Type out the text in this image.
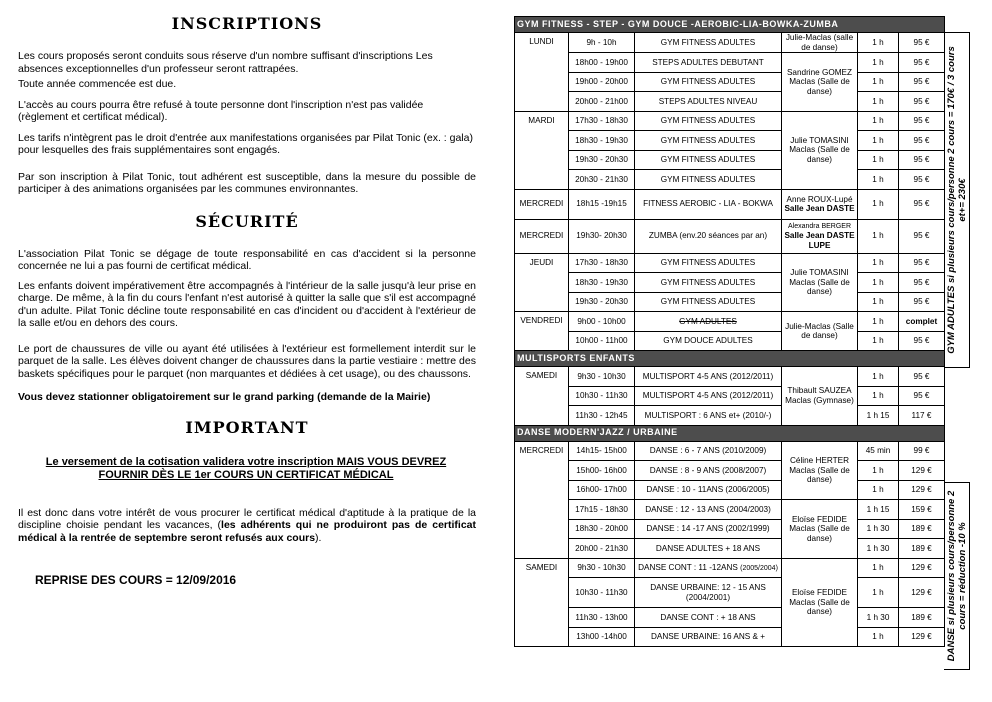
INSCRIPTIONS

Les cours proposés seront conduits sous réserve d'un nombre suffisant d'inscriptions Les absences exceptionnelles d'un professeur seront rattrapées.

Toute année commencée est due.

L'accès au cours pourra être refusé à toute personne dont l'inscription n'est pas validée (règlement et certificat médical).

Les tarifs n'intègrent pas le droit d'entrée aux manifestations organisées par Pilat Tonic (ex. : gala) pour lesquelles des frais supplémentaires sont engagés.

Par son inscription à Pilat Tonic, tout adhérent est susceptible, dans la mesure du possible de participer à des animations organisées par les communes environnantes.

SÉCURITÉ

L'association Pilat Tonic se dégage de toute responsabilité en cas d'accident si la personne concernée ne lui a pas fourni de certificat médical.

Les enfants doivent impérativement être accompagnés à l'intérieur de la salle jusqu'à leur prise en charge. De même, à la fin du cours l'enfant n'est autorisé à quitter la salle que s'il est accompagné d'un adulte. Pilat Tonic décline toute responsabilité en cas d'incident ou d'accident à l'extérieur de la salle et/ou en dehors des cours.

Le port de chaussures de ville ou ayant été utilisées à l'extérieur est formellement interdit sur le parquet de la salle. Les élèves doivent changer de chaussures dans la partie vestiaire : mettre des baskets spécifiques pour le parquet (non marquantes et dédiées à cet usage), ou des chaussons.

Vous devez stationner obligatoirement sur le grand parking (demande de la Mairie)

IMPORTANT

Le versement de la cotisation validera votre inscription MAIS VOUS DEVREZ FOURNIR DÈS LE 1er COURS UN CERTIFICAT MÉDICAL

Il est donc dans votre intérêt de vous procurer le certificat médical d'aptitude à la pratique de la discipline choisie pendant les vacances, (les adhérents qui ne produiront pas de certificat médical à la rentrée de septembre seront refusés aux cours).

REPRISE DES COURS = 12/09/2016

GYM ADULTES si plusieurs cours/personne 2 cours = 170€ / 3 cours et+= 230€
DANSE si plusieurs cours/personne 2 cours = réduction -10 %
GYM FITNESS - STEP - GYM DOUCE -AEROBIC-LIA-BOWKA-ZUMBA					
LUNDI	9h - 10h	GYM FITNESS ADULTES	Julie-Maclas (salle de danse)	1 h	95 €
	18h00 - 19h00	STEPS ADULTES DEBUTANT	Sandrine GOMEZ Maclas (Salle de danse)	1 h	95 €
	19h00 - 20h00	GYM FITNESS ADULTES		1 h	95 €
	20h00 - 21h00	STEPS ADULTES NIVEAU		1 h	95 €
MARDI	17h30 - 18h30	GYM FITNESS ADULTES	Julie TOMASINI Maclas (Salle de danse)	1 h	95 €
	18h30 - 19h30	GYM FITNESS ADULTES		1 h	95 €
	19h30 - 20h30	GYM FITNESS ADULTES		1 h	95 €
	20h30 - 21h30	GYM FITNESS ADULTES		1 h	95 €
MERCREDI	18h15 -19h15	FITNESS AEROBIC - LIA - BOKWA	Anne ROUX-Lupé
Salle Jean DASTE	1 h	95 €
MERCREDI	19h30- 20h30	ZUMBA (env.20 séances par an)	Alexandra BERGER
Salle Jean DASTE LUPE	1 h	95 €
JEUDI	17h30 - 18h30	GYM FITNESS ADULTES	Julie TOMASINI Maclas (Salle de danse)	1 h	95 €
	18h30 - 19h30	GYM FITNESS ADULTES		1 h	95 €
	19h30 - 20h30	GYM FITNESS ADULTES		1 h	95 €
VENDREDI	9h00 - 10h00	GYM ADULTES	Julie-Maclas (Salle de danse)	1 h	complet
	10h00 - 11h00	GYM DOUCE ADULTES		1 h	95 €
MULTISPORTS ENFANTS					
SAMEDI	9h30 - 10h30	MULTISPORT 4-5 ANS (2012/2011)	Thibault SAUZEA Maclas (Gymnase)	1 h	95 €
	10h30 - 11h30	MULTISPORT 4-5 ANS (2012/2011)		1 h	95 €
	11h30 - 12h45	MULTISPORT : 6 ANS et+ (2010/-)		1 h 15	117 €
DANSE MODERN'JAZZ / URBAINE					
MERCREDI	14h15- 15h00	DANSE : 6 - 7 ANS (2010/2009)	Céline HERTER Maclas (Salle de danse)	45 min	99 €
	15h00- 16h00	DANSE : 8 - 9 ANS (2008/2007)		1 h	129 €
	16h00- 17h00	DANSE : 10 - 11ANS (2006/2005)		1 h	129 €
	17h15 - 18h30	DANSE : 12 - 13 ANS (2004/2003)	Eloïse FEDIDE Maclas (Salle de danse)	1 h 15	159 €
	18h30 - 20h00	DANSE : 14 -17 ANS (2002/1999)		1 h 30	189 €
	20h00 - 21h30	DANSE ADULTES + 18 ANS		1 h 30	189 €
SAMEDI	9h30 - 10h30	DANSE CONT : 11 -12ANS (2005/2004)	Eloïse FEDIDE Maclas (Salle de danse)	1 h	129 €
	10h30 - 11h30	DANSE URBAINE: 12 - 15 ANS (2004/2001)		1 h	129 €
	11h30 - 13h00	DANSE CONT : + 18 ANS		1 h 30	189 €
	13h00 -14h00	DANSE URBAINE: 16 ANS & +		1 h	129 €
